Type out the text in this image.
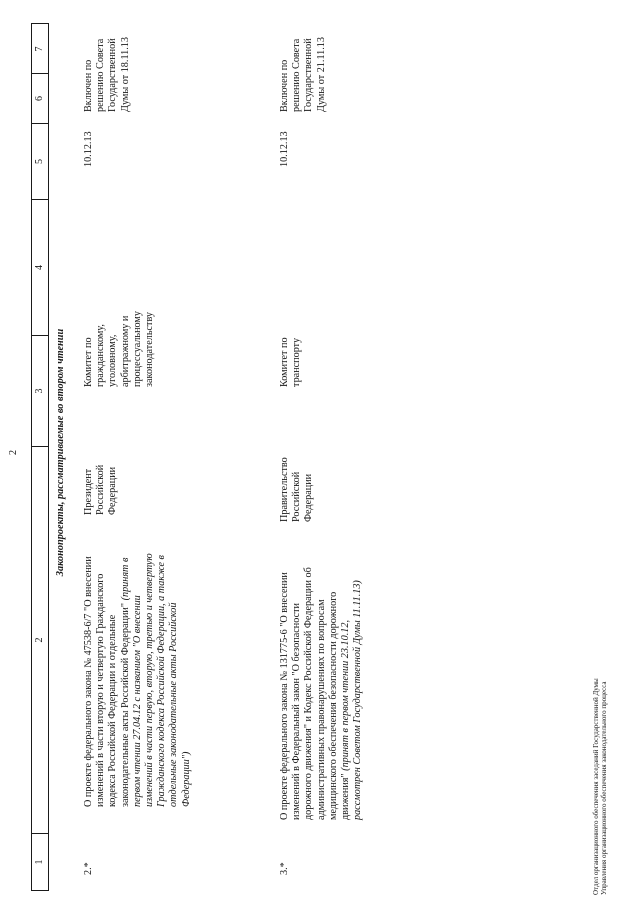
2
1
2
3
4
5
6
7
Законопроекты, рассматриваемые во втором чтении
2.*
О проекте федерального закона № 47538-6/7 "О внесении изменений в части вторую и четвертую Гражданского кодекса Российской Федерации и отдельные законодательные акты Российской Федерации" (принят в первом чтении 27.04.12 с названием "О внесении изменений в части первую, вторую, третью и четвертую Гражданского кодекса Российской Федерации, а также в отдельные законодательные акты Российской Федерации")
Президент Российской Федерации
Комитет по гражданскому, уголовному, арбитражному и процессуальному законодательству
10.12.13
Включен по решению Совета Государственной Думы от 18.11.13
3.*
О проекте федерального закона № 131775-6 "О внесении изменений в Федеральный закон "О безопасности дорожного движения" и Кодекс Российской Федерации об административных правонарушениях по вопросам медицинского обеспечения безопасности дорожного движения" (принят в первом чтении 23.10.12, рассмотрен Советом Государственной Думы 11.11.13)
Правительство Российской Федерации
Комитет по транспорту
10.12.13
Включен по решению Совета Государственной Думы от 21.11.13
Отдел организационного обеспечения заседаний Государственной Думы Управления организационного обеспечения законодательного процесса
